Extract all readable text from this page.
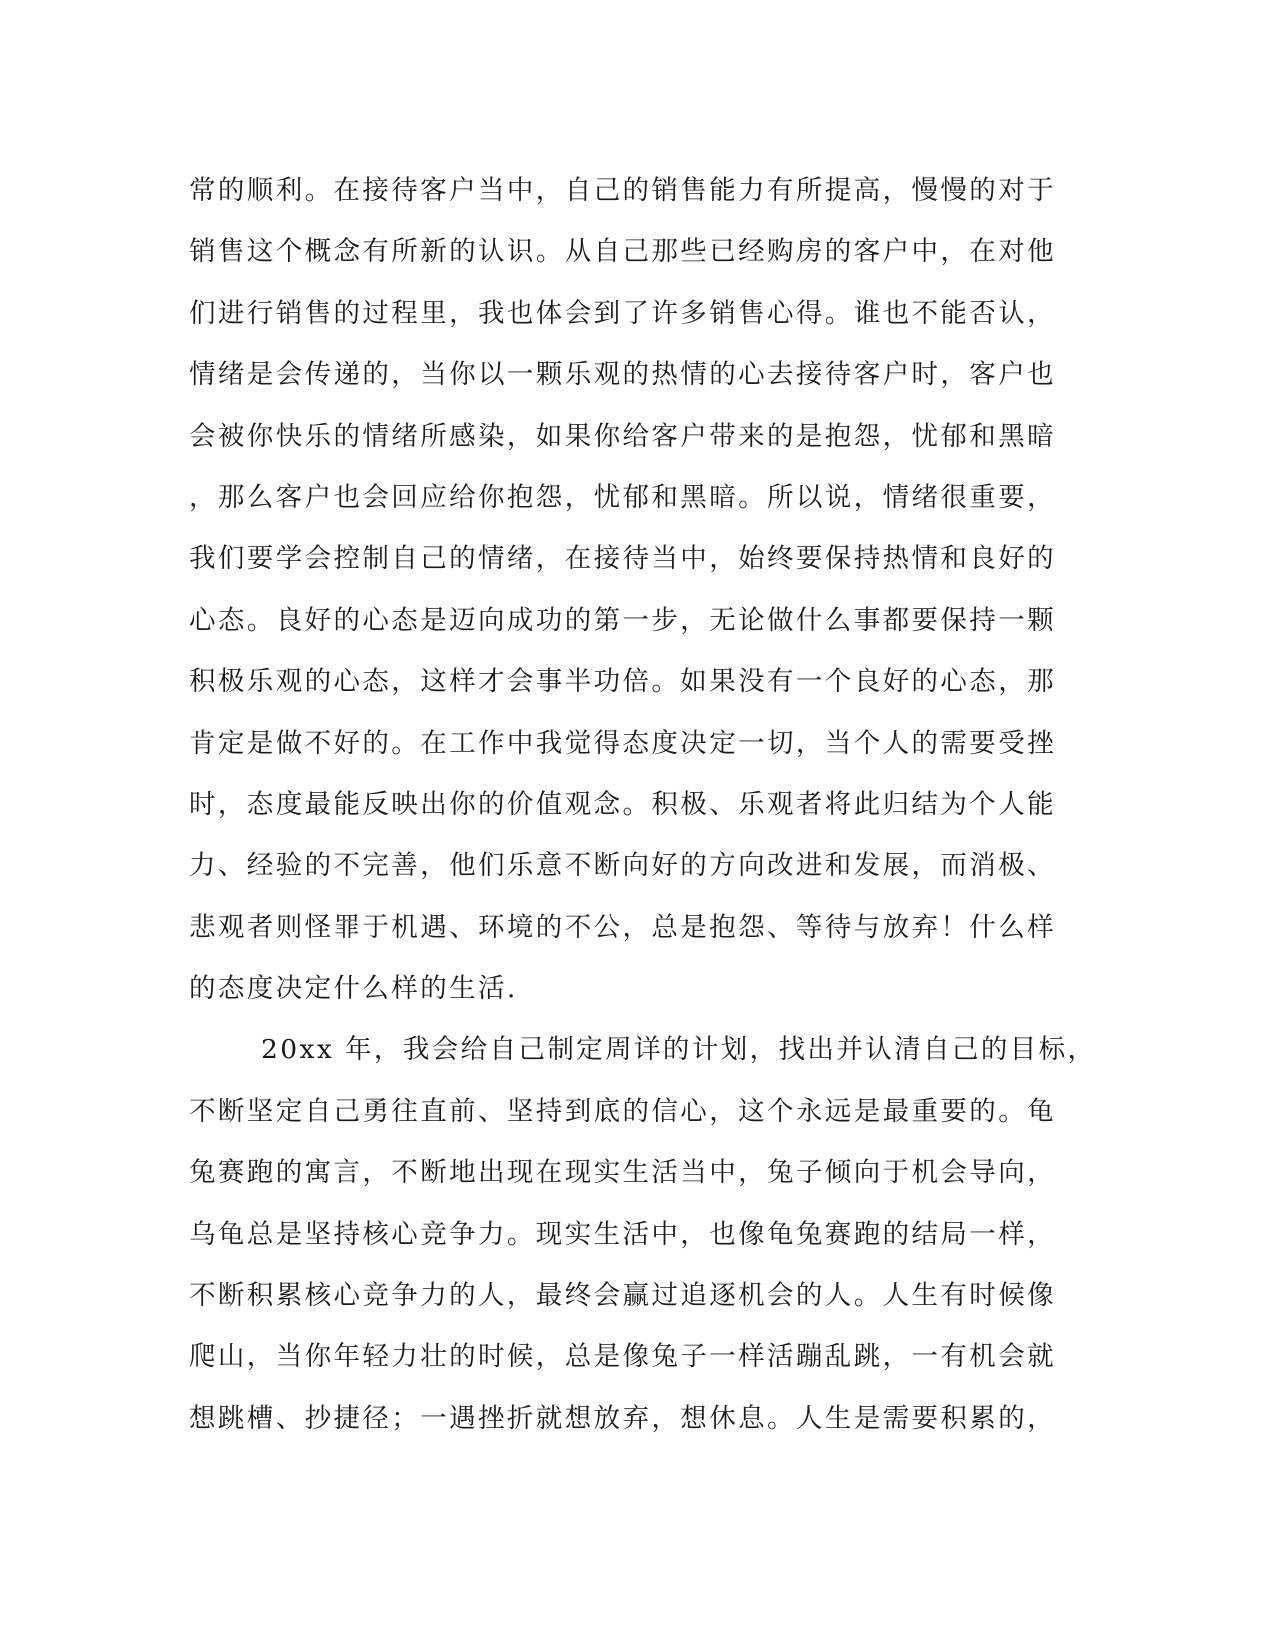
常的顺利。在接待客户当中，自己的销售能力有所提高，慢慢的对于
销售这个概念有所新的认识。从自己那些已经购房的客户中，在对他
们进行销售的过程里，我也体会到了许多销售心得。谁也不能否认，
情绪是会传递的，当你以一颗乐观的热情的心去接待客户时，客户也
会被你快乐的情绪所感染，如果你给客户带来的是抱怨，忧郁和黑暗
，那么客户也会回应给你抱怨，忧郁和黑暗。所以说，情绪很重要，
我们要学会控制自己的情绪，在接待当中，始终要保持热情和良好的
心态。良好的心态是迈向成功的第一步，无论做什么事都要保持一颗
积极乐观的心态，这样才会事半功倍。如果没有一个良好的心态，那
肯定是做不好的。在工作中我觉得态度决定一切，当个人的需要受挫
时，态度最能反映出你的价值观念。积极、乐观者将此归结为个人能
力、经验的不完善，他们乐意不断向好的方向改进和发展，而消极、
悲观者则怪罪于机遇、环境的不公，总是抱怨、等待与放弃！什么样
的态度决定什么样的生活.
20xx 年，我会给自己制定周详的计划，找出并认清自己的目标，
不断坚定自己勇往直前、坚持到底的信心，这个永远是最重要的。龟
兔赛跑的寓言，不断地出现在现实生活当中，兔子倾向于机会导向，
乌龟总是坚持核心竞争力。现实生活中，也像龟兔赛跑的结局一样，
不断积累核心竞争力的人，最终会赢过追逐机会的人。人生有时候像
爬山，当你年轻力壮的时候，总是像兔子一样活蹦乱跳，一有机会就
想跳槽、抄捷径；一遇挫折就想放弃，想休息。人生是需要积累的，
